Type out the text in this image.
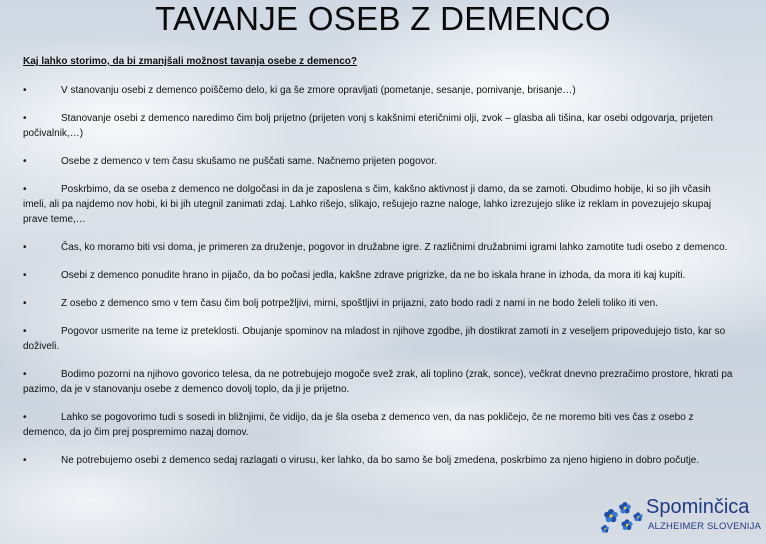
TAVANJE OSEB Z DEMENCO

Kaj lahko storimo, da bi zmanjšali možnost tavanja osebe z demenco?

•	V stanovanju osebi z demenco poiščemo delo, ki ga še zmore opravljati (pometanje, sesanje, pomivanje, brisanje…)
•	Stanovanje osebi z demenco naredimo čim bolj prijetno (prijeten vonj s kakšnimi eteričnimi olji, zvok – glasba ali tišina, kar osebi odgovarja, prijeten počivalnik,…)
•	Osebe z demenco v tem času skušamo ne puščati same. Načnemo prijeten pogovor.
•	Poskrbimo, da se oseba z demenco ne dolgočasi in da je zaposlena s čim, kakšno aktivnost ji damo, da se zamoti. Obudimo hobije, ki so jih včasih imeli, ali pa najdemo nov hobi, ki bi jih utegnil zanimati zdaj. Lahko rišejo, slikajo, rešujejo razne naloge, lahko izrezujejo slike iz reklam in povezujejo skupaj prave teme,…
•	Čas, ko moramo biti vsi doma, je primeren za druženje, pogovor in družabne igre. Z različnimi družabnimi igrami lahko zamotite tudi osebo z demenco.
•	Osebi z demenco ponudite hrano in pijačo, da bo počasi jedla, kakšne zdrave prigrizke, da ne bo iskala hrane in izhoda, da mora iti kaj kupiti.
•	Z osebo z demenco smo v tem času čim bolj potrpežljivi, mirni, spoštljivi in prijazni, zato bodo radi z nami in ne bodo želeli toliko iti ven.
•	Pogovor usmerite na teme iz preteklosti. Obujanje spominov na mladost in njihove zgodbe, jih dostikrat zamoti in z veseljem pripovedujejo tisto, kar so doživeli.
•	Bodimo pozorni na njihovo govorico telesa, da ne potrebujejo mogoče svež zrak, ali toplino (zrak, sonce), večkrat dnevno prezračimo prostore, hkrati pa pazimo, da je v stanovanju osebe z demenco dovolj toplo, da ji je prijetno.
•	Lahko se pogovorimo tudi s sosedi in bližnjimi, če vidijo, da je šla oseba z demenco ven, da nas pokličejo, če ne moremo biti ves čas z osebo z demenco, da jo čim prej pospremimo nazaj domov.
•	Ne potrebujemo osebi z demenco sedaj razlagati o virusu, ker lahko, da bo samo še bolj zmedena, poskrbimo za njeno higieno in dobro počutje.
Spominčica
ALZHEIMER SLOVENIJA
